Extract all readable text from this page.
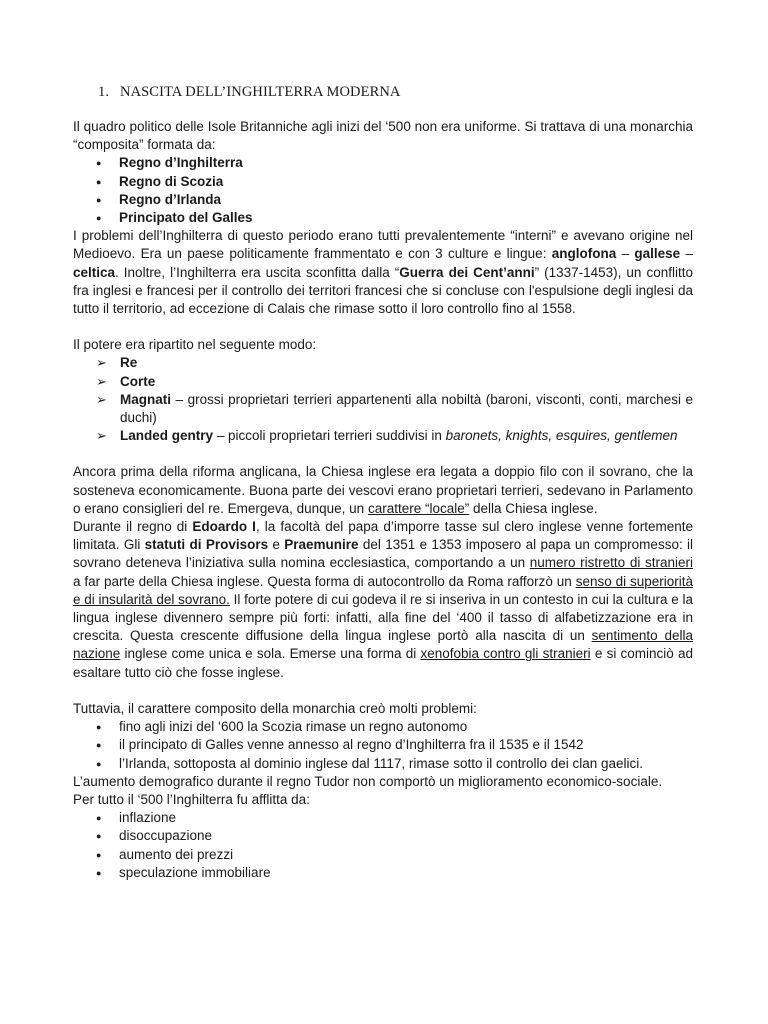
1. NASCITA DELL’INGHILTERRA MODERNA

Il quadro politico delle Isole Britanniche agli inizi del ‘500 non era uniforme. Si trattava di una monarchia “composita” formata da:

● Regno d’Inghilterra
● Regno di Scozia
● Regno d’Irlanda
● Principato del Galles

I problemi dell’Inghilterra di questo periodo erano tutti prevalentemente “interni” e avevano origine nel Medioevo. Era un paese politicamente frammentato e con 3 culture e lingue: anglofona – gallese – celtica. Inoltre, l’Inghilterra era uscita sconfitta dalla “Guerra dei Cent’anni” (1337-1453), un conflitto fra inglesi e francesi per il controllo dei territori francesi che si concluse con l'espulsione degli inglesi da tutto il territorio, ad eccezione di Calais che rimase sotto il loro controllo fino al 1558.

Il potere era ripartito nel seguente modo:

➢ Re
➢ Corte
➢ Magnati – grossi proprietari terrieri appartenenti alla nobiltà (baroni, visconti, conti, marchesi e duchi)
➢ Landed gentry – piccoli proprietari terrieri suddivisi in baronets, knights, esquires, gentlemen

Ancora prima della riforma anglicana, la Chiesa inglese era legata a doppio filo con il sovrano, che la sosteneva economicamente. Buona parte dei vescovi erano proprietari terrieri, sedevano in Parlamento o erano consiglieri del re. Emergeva, dunque, un carattere “locale” della Chiesa inglese.

Durante il regno di Edoardo I, la facoltà del papa d’imporre tasse sul clero inglese venne fortemente limitata. Gli statuti di Provisors e Praemunire del 1351 e 1353 imposero al papa un compromesso: il sovrano deteneva l’iniziativa sulla nomina ecclesiastica, comportando a un numero ristretto di stranieri a far parte della Chiesa inglese. Questa forma di autocontrollo da Roma rafforzò un senso di superiorità e di insularità del sovrano. Il forte potere di cui godeva il re si inseriva in un contesto in cui la cultura e la lingua inglese divennero sempre più forti: infatti, alla fine del ‘400 il tasso di alfabetizzazione era in crescita. Questa crescente diffusione della lingua inglese portò alla nascita di un sentimento della nazione inglese come unica e sola. Emerse una forma di xenofobia contro gli stranieri e si cominciò ad esaltare tutto ciò che fosse inglese.

Tuttavia, il carattere composito della monarchia creò molti problemi:

● fino agli inizi del ‘600 la Scozia rimase un regno autonomo
● il principato di Galles venne annesso al regno d’Inghilterra fra il 1535 e il 1542
● l’Irlanda, sottoposta al dominio inglese dal 1117, rimase sotto il controllo dei clan gaelici.

L’aumento demografico durante il regno Tudor non comportò un miglioramento economico-sociale.

Per tutto il ‘500 l’Inghilterra fu afflitta da:

● inflazione
● disoccupazione
● aumento dei prezzi
● speculazione immobiliare
